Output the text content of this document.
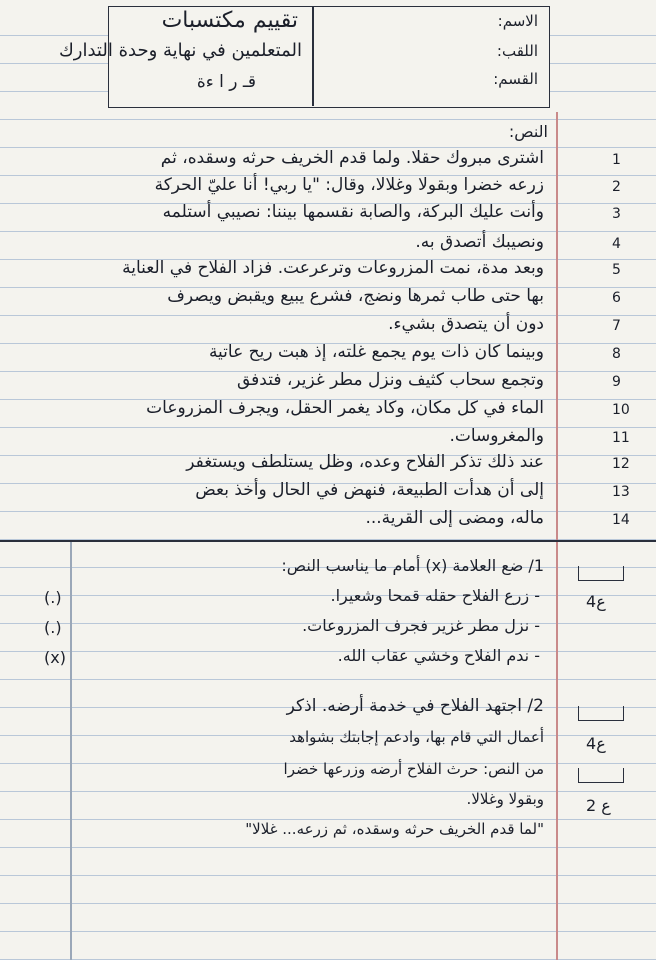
تقييم مكتسبات
المتعلمين في نهاية وحدة التدارك
قـ ر ا ءة
الاسم:
اللقب:
القسم:
النص:
اشترى مبروك حقلا. ولما قدم الخريف حرثه وسقده، ثم
زرعه خضرا وبقولا وغلالا، وقال: "يا ربي! أنا عليّ الحركة
وأنت عليك البركة، والصابة نقسمها بيننا: نصيبي أستلمه
ونصيبك أتصدق به.
وبعد مدة، نمت المزروعات وترعرعت. فزاد الفلاح في العناية
بها حتى طاب ثمرها ونضج، فشرع يبيع ويقبض ويصرف
دون أن يتصدق بشيء.
وبينما كان ذات يوم يجمع غلته، إذ هبت ريح عاتية
وتجمع سحاب كثيف ونزل مطر غزير، فتدفق
الماء في كل مكان، وكاد يغمر الحقل، ويجرف المزروعات
والمغروسات.
عند ذلك تذكر الفلاح وعده، وظل يستلطف ويستغفر
إلى أن هدأت الطبيعة، فنهض في الحال وأخذ بعض
ماله، ومضى إلى القرية...
1
2
3
4
5
6
7
8
9
10
11
12
13
14
1/ ضع العلامة (x) أمام ما يناسب النص:
- زرع الفلاح حقله قمحا وشعيرا.
- نزل مطر غزير فجرف المزروعات.
- ندم الفلاح وخشي عقاب الله.
(.)
(.)
(x)
4ع
2/ اجتهد الفلاح في خدمة أرضه. اذكر
أعمال التي قام بها، وادعم إجابتك بشواهد
من النص: حرث الفلاح أرضه وزرعها خضرا
وبقولا وغلالا.
"لما قدم الخريف حرثه وسقده، ثم زرعه... غلالا"
4ع
ع 2
